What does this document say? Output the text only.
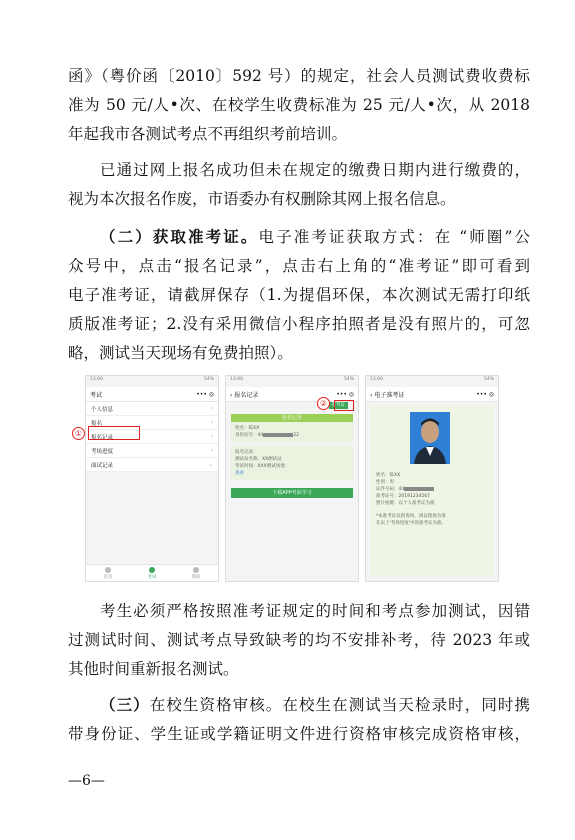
函》（粤价函〔2010〕592 号）的规定，社会人员测试费收费标
准为 50 元/人•次、在校学生收费标准为 25 元/人•次，从 2018
年起我市各测试考点不再组织考前培训。
已通过网上报名成功但未在规定的缴费日期内进行缴费的，
视为本次报名作废，市语委办有权删除其网上报名信息。
（二）获取准考证。电子准考证获取方式：在 “师圈”公
众号中，点击“报名记录”，点击右上角的“准考证”即可看到
电子准考证，请截屏保存（1.为提倡环保，本次测试无需打印纸
质版准考证；2.没有采用微信小程序拍照者是没有照片的，可忽
略，测试当天现场有免费拍照）。
13:00	54%
考试	••• ◎
个人信息	›
报名	›
报名记录	›
考场进度	›
面试记录	⌄
首页	考试	我的
①
13:00	54%
‹ 报名记录	••• ◎
准考证
报名记录
姓名：陈XX
身份证号：44	22
报名记录：
测试站名称：XX测试站
考试时间：XXX测试场地
查看
下载APP考前学习
②
13:00	54%
‹ 电子准考证	••• ◎
姓名：陈XX
性别：男
证件号码：44
准考证号：20191234567
照片拍摄：以个人准考证为准
*本准考证仅供查询，请以现场为准
在以上'考场进度'中的准考证为准。
考生必须严格按照准考证规定的时间和考点参加测试，因错
过测试时间、测试考点导致缺考的均不安排补考，待 2023 年或
其他时间重新报名测试。
（三）在校生资格审核。在校生在测试当天检录时，同时携
带身份证、学生证或学籍证明文件进行资格审核完成资格审核，
—6—
